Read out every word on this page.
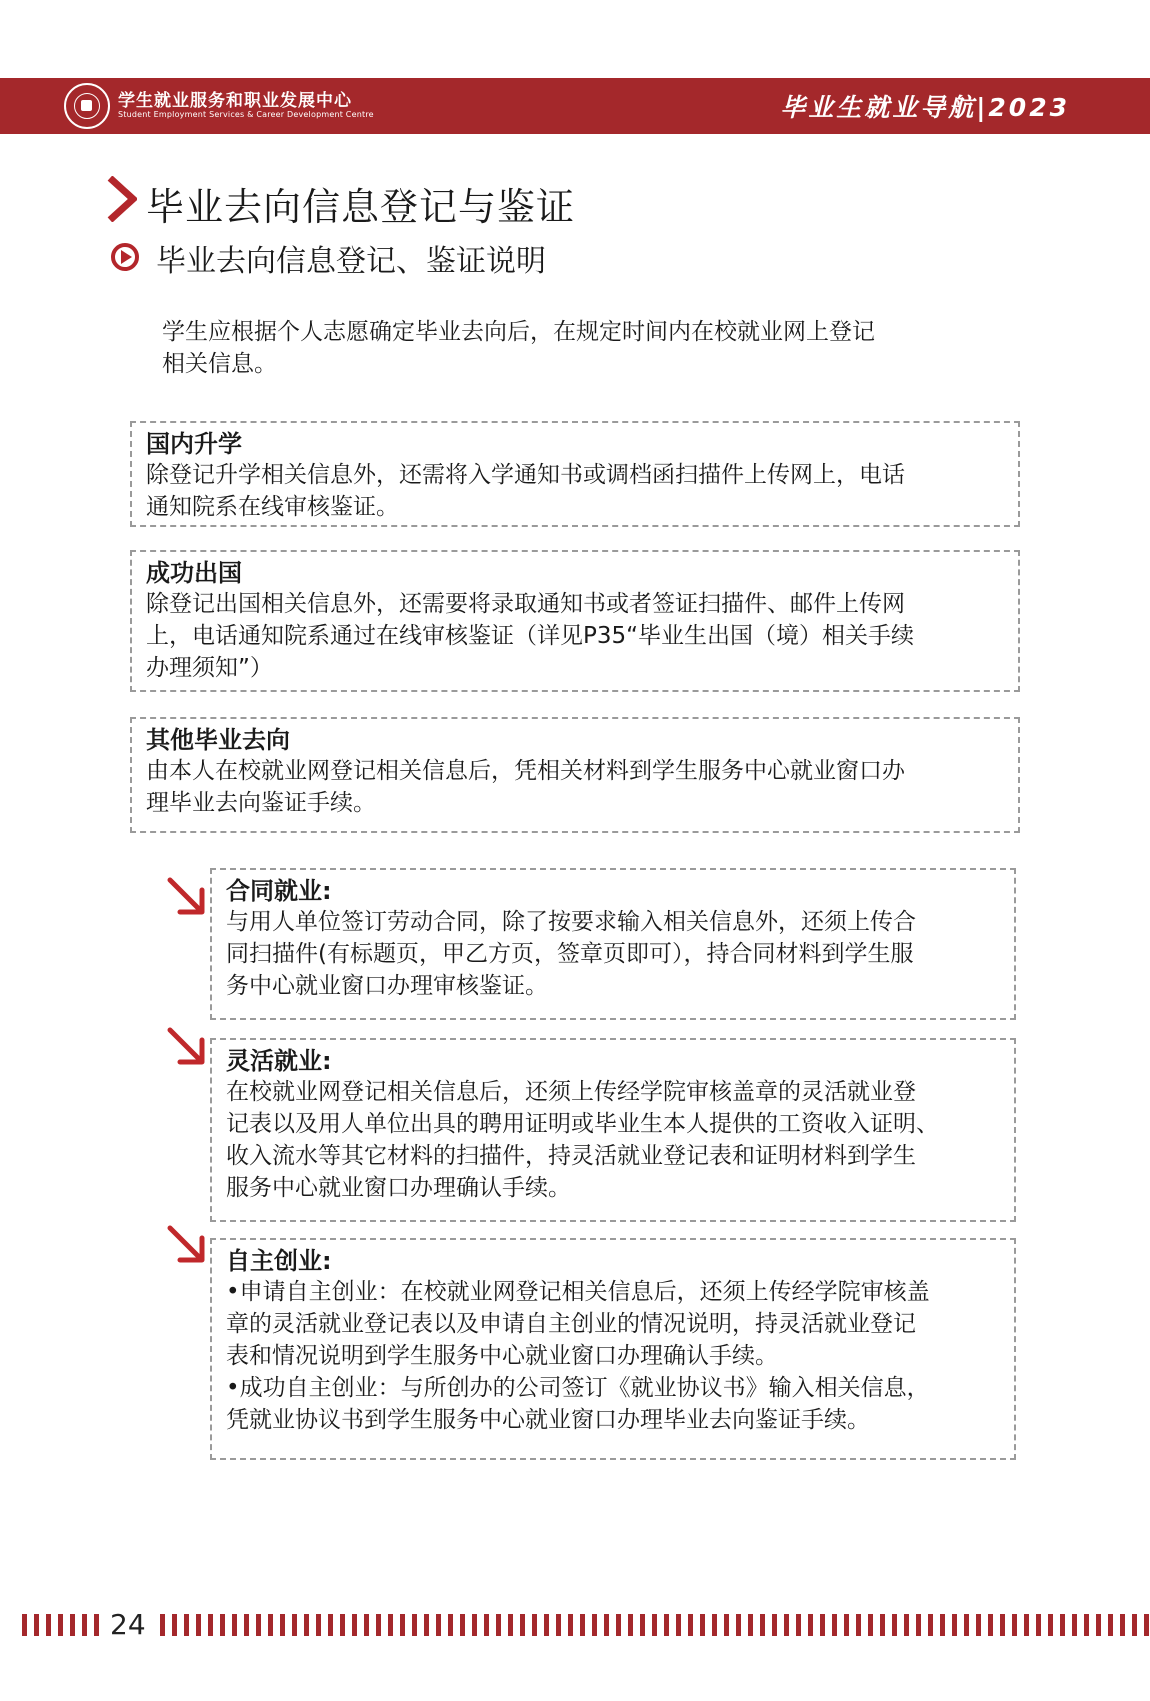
学生就业服务和职业发展中心
Student Employment Services & Career Development Centre	毕业生就业导航|2023
毕业去向信息登记与鉴证
毕业去向信息登记、鉴证说明
学生应根据个人志愿确定毕业去向后，在规定时间内在校就业网上登记
相关信息。
国内升学
除登记升学相关信息外，还需将入学通知书或调档函扫描件上传网上，电话
通知院系在线审核鉴证。
成功出国
除登记出国相关信息外，还需要将录取通知书或者签证扫描件、邮件上传网
上，电话通知院系通过在线审核鉴证（详见P35“毕业生出国（境）相关手续
办理须知”）
其他毕业去向
由本人在校就业网登记相关信息后，凭相关材料到学生服务中心就业窗口办
理毕业去向鉴证手续。
合同就业:
与用人单位签订劳动合同，除了按要求输入相关信息外，还须上传合
同扫描件(有标题页，甲乙方页，签章页即可），持合同材料到学生服
务中心就业窗口办理审核鉴证。
灵活就业:
在校就业网登记相关信息后，还须上传经学院审核盖章的灵活就业登
记表以及用人单位出具的聘用证明或毕业生本人提供的工资收入证明、
收入流水等其它材料的扫描件，持灵活就业登记表和证明材料到学生
服务中心就业窗口办理确认手续。
自主创业:
•申请自主创业：在校就业网登记相关信息后，还须上传经学院审核盖
章的灵活就业登记表以及申请自主创业的情况说明，持灵活就业登记
表和情况说明到学生服务中心就业窗口办理确认手续。
•成功自主创业：与所创办的公司签订《就业协议书》输入相关信息，
凭就业协议书到学生服务中心就业窗口办理毕业去向鉴证手续。
24
